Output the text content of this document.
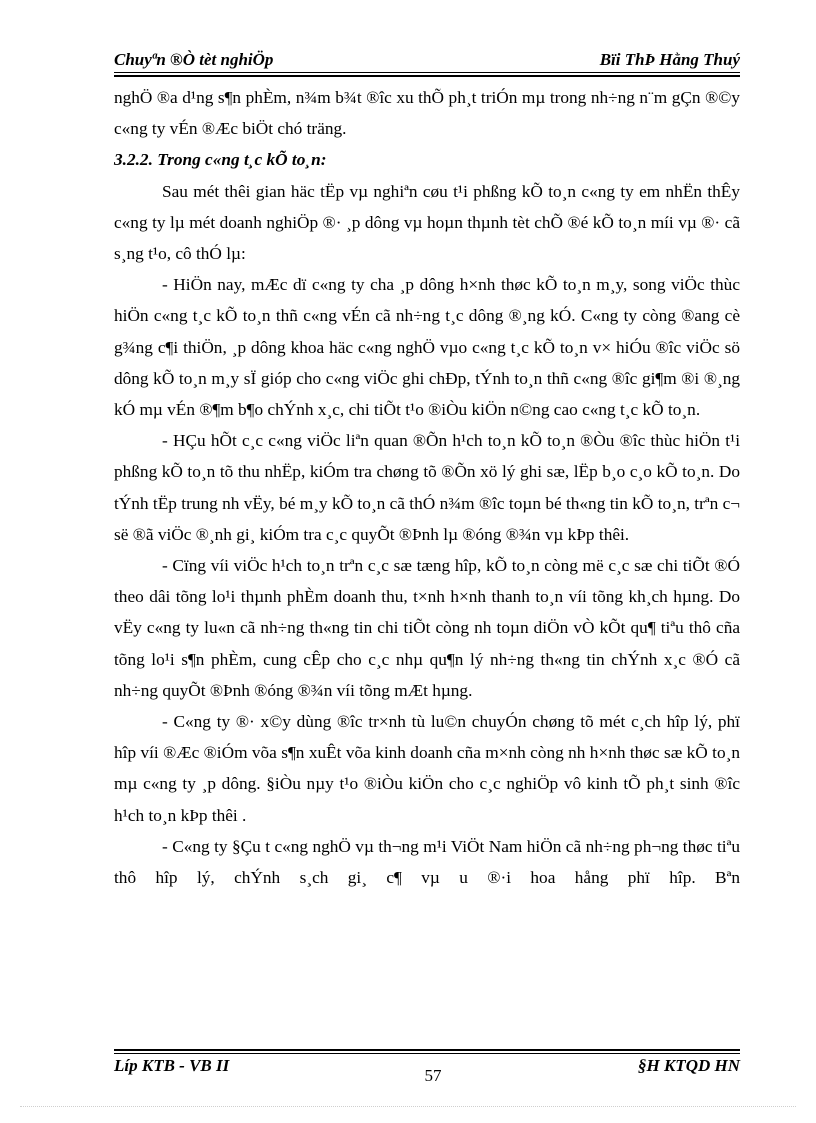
Chuyªn ®Ò tèt nghiÖp	Bïi ThÞ Hằng Thuý

nghÖ ®a d¹ng s¶n phÈm, n¾m b¾t ®îc xu thÕ ph¸t triÓn mµ trong nh÷ng n¨m gÇn ®©y c«ng ty vÉn ®Æc biÖt chó träng.

3.2.2. Trong c«ng t¸c kÕ to¸n:

Sau mét thêi gian häc tËp vµ nghiªn cøu t¹i phßng kÕ to¸n c«ng ty em nhËn thÊy c«ng ty lµ mét doanh nghiÖp ®· ¸p dông vµ hoµn thµnh tèt chÕ ®é kÕ to¸n míi vµ ®· cã s¸ng t¹o, cô thÓ lµ:

- HiÖn nay, mÆc dï c«ng ty cha ¸p dông h×nh thøc kÕ to¸n m¸y, song viÖc thùc hiÖn c«ng t¸c kÕ to¸n thñ c«ng vÉn cã nh÷ng t¸c dông ®¸ng kÓ. C«ng ty còng ®ang cè g¾ng c¶i thiÖn, ¸p dông khoa häc c«ng nghÖ vµo c«ng t¸c kÕ to¸n v× hiÓu ®îc viÖc sö dông kÕ to¸n m¸y sÏ gióp cho c«ng viÖc ghi chÐp, tÝnh to¸n thñ c«ng ®îc gi¶m ®i ®¸ng kÓ mµ vÉn ®¶m b¶o chÝnh x¸c, chi tiÕt t¹o ®iÒu kiÖn n©ng cao c«ng t¸c kÕ to¸n.

- HÇu hÕt c¸c c«ng viÖc liªn quan ®Õn h¹ch to¸n kÕ to¸n ®Òu ®îc thùc hiÖn t¹i phßng kÕ to¸n tõ thu nhËp, kiÓm tra chøng tõ ®Õn xö lý ghi sæ, lËp b¸o c¸o kÕ to¸n. Do tÝnh tËp trung nh vËy, bé m¸y kÕ to¸n cã thÓ n¾m ®îc toµn bé th«ng tin kÕ to¸n, trªn c¬ së ®ã viÖc ®¸nh gi¸ kiÓm tra c¸c quyÕt ®Þnh lµ ®óng ®¾n vµ kÞp thêi.

- Cïng víi viÖc h¹ch to¸n trªn c¸c sæ tæng hîp, kÕ to¸n còng më c¸c sæ chi tiÕt ®Ó theo dâi tõng lo¹i thµnh phÈm doanh thu, t×nh h×nh thanh to¸n víi tõng kh¸ch hµng. Do vËy c«ng ty lu«n cã nh÷ng th«ng tin chi tiÕt còng nh toµn diÖn vÒ kÕt qu¶ tiªu thô cña tõng lo¹i s¶n phÈm, cung cÊp cho c¸c nhµ qu¶n lý nh÷ng th«ng tin chÝnh x¸c ®Ó cã nh÷ng quyÕt ®Þnh ®óng ®¾n víi tõng mÆt hµng.

- C«ng ty ®· x©y dùng ®îc tr×nh tù lu©n chuyÓn chøng tõ mét c¸ch hîp lý, phï hîp víi ®Æc ®iÓm võa s¶n xuÊt võa kinh doanh cña m×nh còng nh h×nh thøc sæ kÕ to¸n mµ c«ng ty ¸p dông. §iÒu nµy t¹o ®iÒu kiÖn cho c¸c nghiÖp vô kinh tÕ ph¸t sinh ®îc h¹ch to¸n kÞp thêi .

- C«ng ty §Çu t c«ng nghÖ vµ th¬ng m¹i ViÖt Nam hiÖn cã nh÷ng ph¬ng thøc tiªu thô hîp lý, chÝnh s¸ch gi¸ c¶ vµ u ®·i hoa hång phï hîp. Bªn

Líp KTB - VB II
57
§H KTQD HN
